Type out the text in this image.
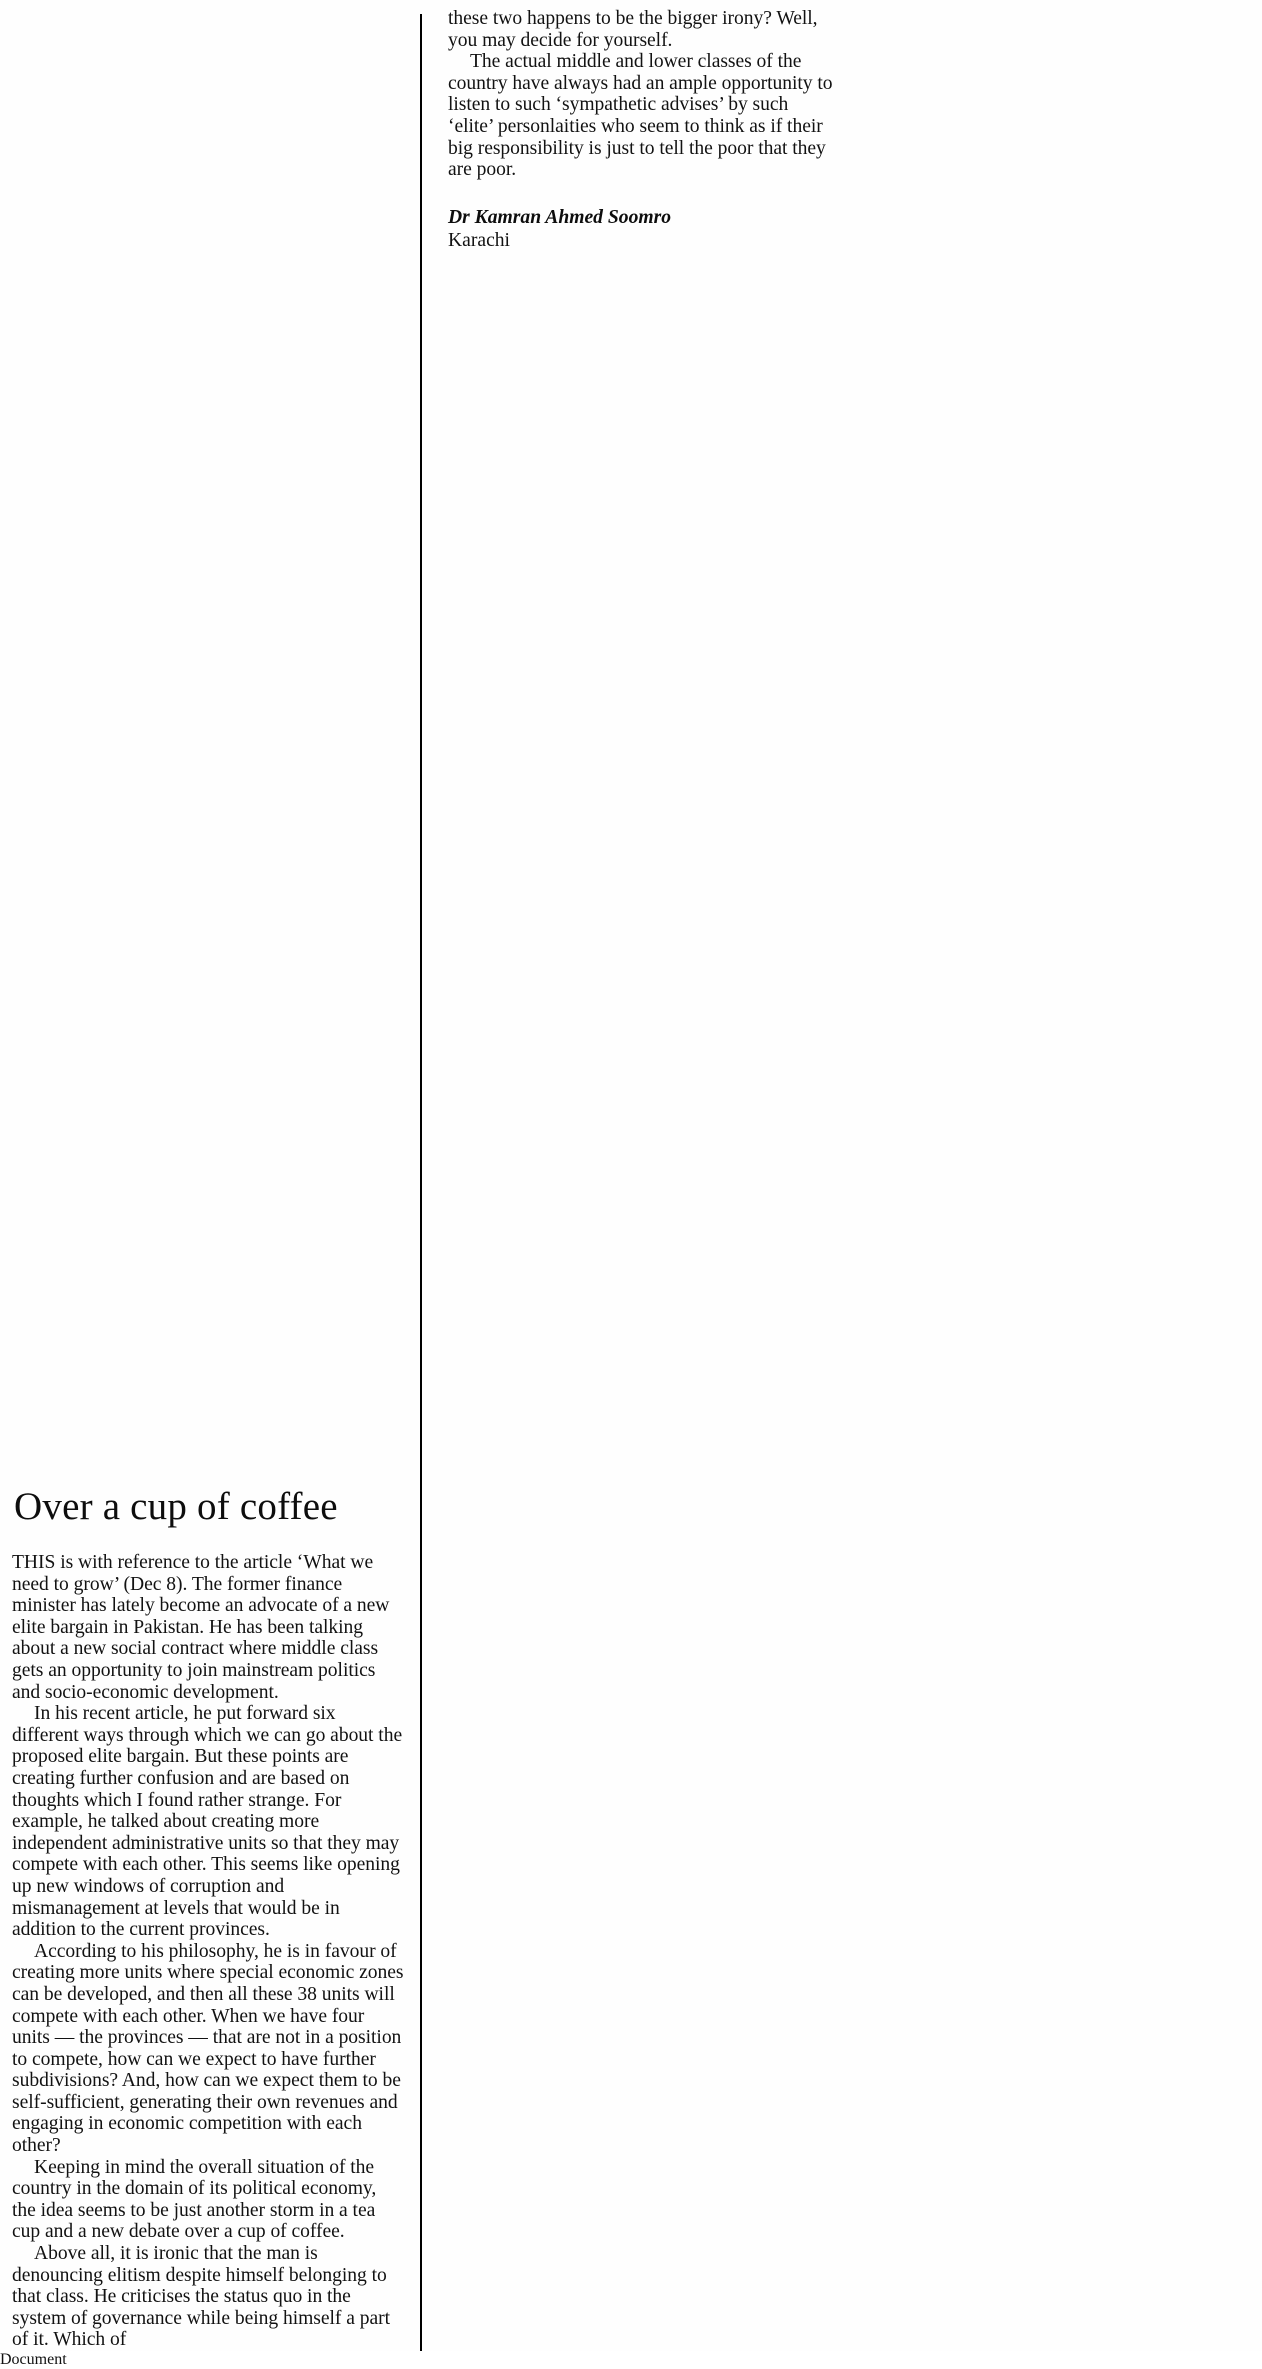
Over a cup of coffee

THIS is with reference to the article ‘What we need to grow’ (Dec 8). The former finance minister has lately become an advocate of a new elite bargain in Pakistan. He has been talking about a new social contract where middle class gets an opportunity to join mainstream politics and socio-economic development.

In his recent article, he put forward six different ways through which we can go about the proposed elite bargain. But these points are creating further confusion and are based on thoughts which I found rather strange. For example, he talked about creating more independent administrative units so that they may compete with each other. This seems like opening up new windows of corruption and mismanagement at levels that would be in addition to the current provinces.

According to his philosophy, he is in favour of creating more units where special economic zones can be developed, and then all these 38 units will compete with each other. When we have four units — the provinces — that are not in a position to compete, how can we expect to have further subdivisions? And, how can we expect them to be self-sufficient, generating their own revenues and engaging in economic competition with each other?

Keeping in mind the overall situation of the country in the domain of its political economy, the idea seems to be just another storm in a tea cup and a new debate over a cup of coffee.

Above all, it is ironic that the man is denouncing elitism despite himself belonging to that class. He criticises the status quo in the system of governance while being himself a part of it. Which of

these two happens to be the bigger irony? Well, you may decide for yourself.

The actual middle and lower classes of the country have always had an ample opportunity to listen to such ‘sympathetic advises’ by such ‘elite’ personlaities who seem to think as if their big responsibility is just to tell the poor that they are poor.

Dr Kamran Ahmed Soomro

Karachi

Document
